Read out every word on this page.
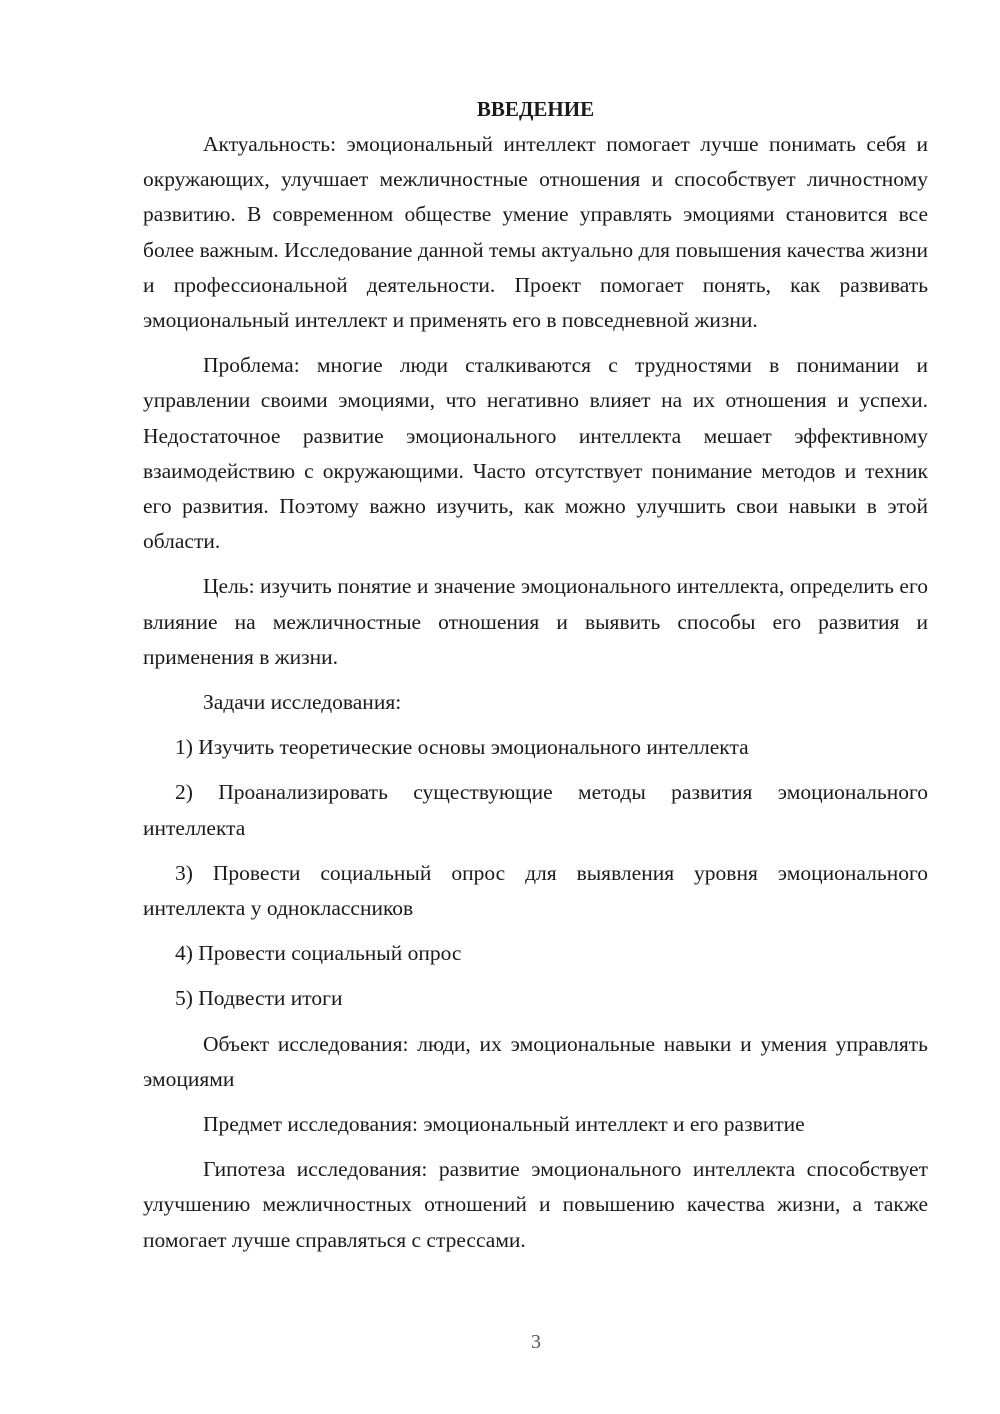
ВВЕДЕНИЕ

Актуальность: эмоциональный интеллект помогает лучше понимать себя и окружающих, улучшает межличностные отношения и способствует личностному развитию. В современном обществе умение управлять эмоциями становится все более важным. Исследование данной темы актуально для повышения качества жизни и профессиональной деятельности. Проект помогает понять, как развивать эмоциональный интеллект и применять его в повседневной жизни.

Проблема: многие люди сталкиваются с трудностями в понимании и управлении своими эмоциями, что негативно влияет на их отношения и успехи. Недостаточное развитие эмоционального интеллекта мешает эффективному взаимодействию с окружающими. Часто отсутствует понимание методов и техник его развития. Поэтому важно изучить, как можно улучшить свои навыки в этой области.

Цель: изучить понятие и значение эмоционального интеллекта, определить его влияние на межличностные отношения и выявить способы его развития и применения в жизни.

Задачи исследования:

1) Изучить теоретические основы эмоционального интеллекта

2) Проанализировать существующие методы развития эмоционального интеллекта

3) Провести социальный опрос для выявления уровня эмоционального интеллекта у одноклассников

4) Провести социальный опрос

5) Подвести итоги

Объект исследования: люди, их эмоциональные навыки и умения управлять эмоциями

Предмет исследования: эмоциональный интеллект и его развитие

Гипотеза исследования: развитие эмоционального интеллекта способствует улучшению межличностных отношений и повышению качества жизни, а также помогает лучше справляться с стрессами.

3
